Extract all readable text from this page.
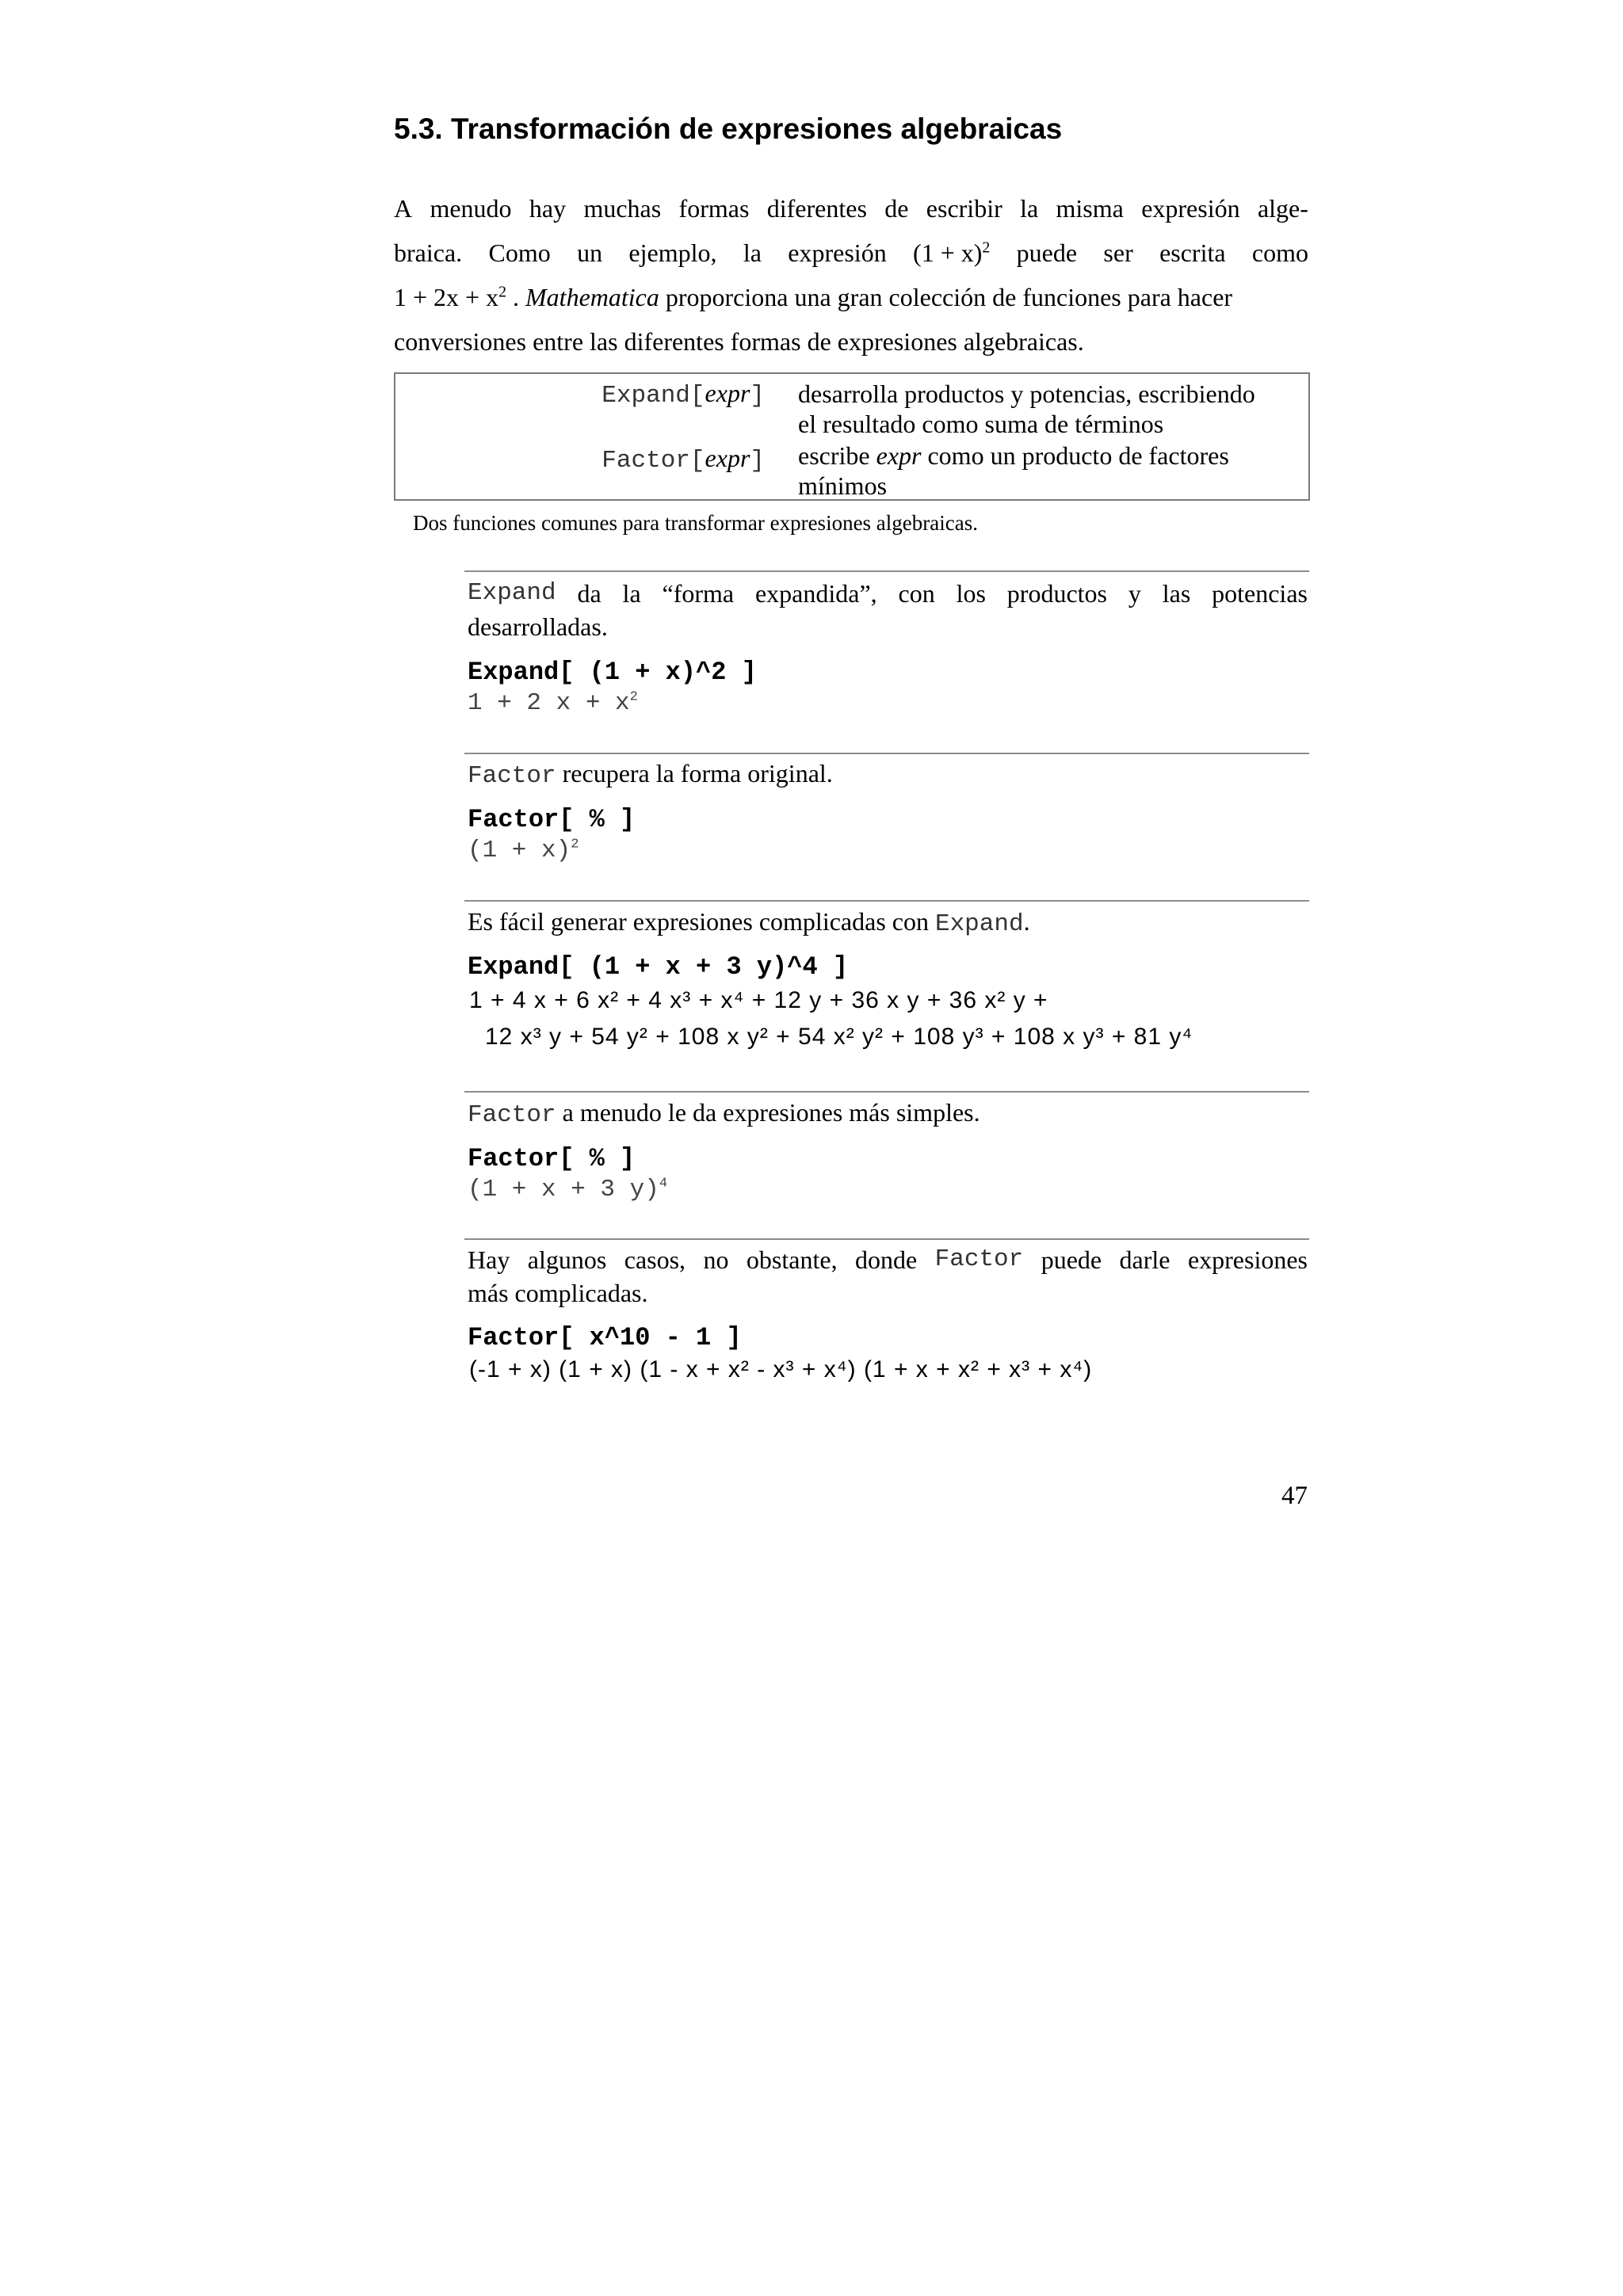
5.3. Transformación de expresiones algebraicas
A menudo hay muchas formas diferentes de escribir la misma expresión alge-
braica. Como un ejemplo, la expresión $(1 + x)^2$ puede ser escrita como
$1 + 2x + x^2$ . Mathematica proporciona una gran colección de funciones para hacer
conversiones entre las diferentes formas de expresiones algebraicas.
Expand[expr] desarrolla productos y potencias, escribiendo
el resultado como suma de términos
Factor[expr] escribe expr como un producto de factores
mínimos
Dos funciones comunes para transformar expresiones algebraicas.
Expand da la “forma expandida”, con los productos y las potencias
desarrolladas.
Expand[ (1 + x)^2 ]
1 + 2 $x + x^2$
Factor recupera la forma original.
Factor[ % ]
$(1 + x)^2$
Es fácil generar expresiones complicadas con Expand.
Expand[ (1 + x + 3 y)^4 ]
1 + 4 x + 6 x² + 4 x³ + x⁴ + 12 y + 36 x y + 36 x² y +
12 x³ y + 54 y² + 108 x y² + 54 x² y² + 108 y³ + 108 x y³ + 81 y⁴
Factor a menudo le da expresiones más simples.
Factor[ % ]
(1 + x + 3 y)$^4$
Hay algunos casos, no obstante, donde Factor puede darle expresiones
más complicadas.
Factor[ x^10 - 1 ]
(-1 + x) (1 + x) (1 - x + x² - x³ + x⁴) (1 + x + x² + x³ + x⁴)
47
